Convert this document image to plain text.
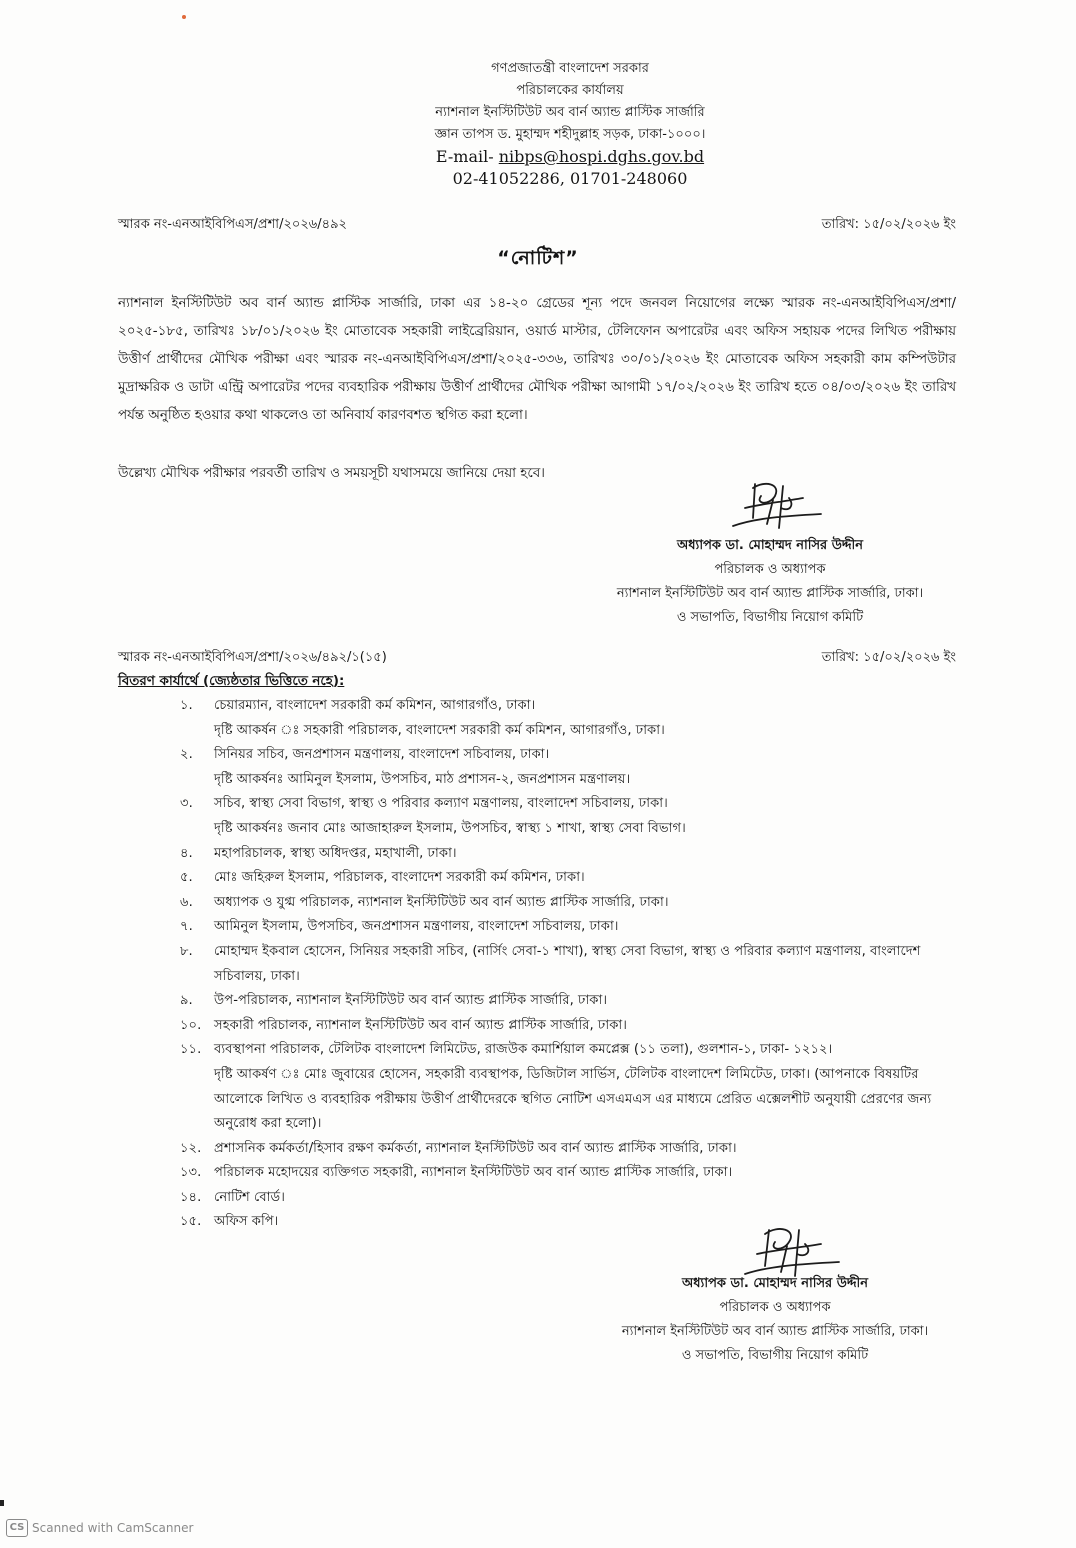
গণপ্রজাতন্ত্রী বাংলাদেশ সরকার
পরিচালকের কার্যালয়
ন্যাশনাল ইনস্টিটিউট অব বার্ন অ্যান্ড প্লাস্টিক সার্জারি
জ্ঞান তাপস ড. মুহাম্মদ শহীদুল্লাহ সড়ক, ঢাকা-১০০০।
E-mail- nibps@hospi.dghs.gov.bd
02-41052286, 01701-248060
স্মারক নং-এনআইবিপিএস/প্রশা/২০২৬/৪৯২	তারিখ: ১৫/০২/২০২৬ ইং
“নোটিশ”

ন্যাশনাল ইনস্টিটিউট অব বার্ন অ্যান্ড প্লাস্টিক সার্জারি, ঢাকা এর ১৪-২০ গ্রেডের শূন্য পদে জনবল নিয়োগের লক্ষ্যে স্মারক নং-এনআইবিপিএস/প্রশা/২০২৫-১৮৫, তারিখঃ ১৮/০১/২০২৬ ইং মোতাবেক সহকারী লাইব্রেরিয়ান, ওয়ার্ড মাস্টার, টেলিফোন অপারেটর এবং অফিস সহায়ক পদের লিখিত পরীক্ষায় উত্তীর্ণ প্রার্থীদের মৌখিক পরীক্ষা এবং স্মারক নং-এনআইবিপিএস/প্রশা/২০২৫-৩৩৬, তারিখঃ ৩০/০১/২০২৬ ইং মোতাবেক অফিস সহকারী কাম কম্পিউটার মুদ্রাক্ষরিক ও ডাটা এন্ট্রি অপারেটর পদের ব্যবহারিক পরীক্ষায় উত্তীর্ণ প্রার্থীদের মৌখিক পরীক্ষা আগামী ১৭/০২/২০২৬ ইং তারিখ হতে ০৪/০৩/২০২৬ ইং তারিখ পর্যন্ত অনুষ্ঠিত হওয়ার কথা থাকলেও তা অনিবার্য কারণবশত স্থগিত করা হলো।

উল্লেখ্য মৌখিক পরীক্ষার পরবর্তী তারিখ ও সময়সূচী যথাসময়ে জানিয়ে দেয়া হবে।
অধ্যাপক ডা. মোহাম্মদ নাসির উদ্দীন
পরিচালক ও অধ্যাপক
ন্যাশনাল ইনস্টিটিউট অব বার্ন অ্যান্ড প্লাস্টিক সার্জারি, ঢাকা।
ও সভাপতি, বিভাগীয় নিয়োগ কমিটি
স্মারক নং-এনআইবিপিএস/প্রশা/২০২৬/৪৯২/১(১৫)	তারিখ: ১৫/০২/২০২৬ ইং
বিতরণ কার্যার্থে (জ্যেষ্ঠতার ভিত্তিতে নহে):
১.	চেয়ারম্যান, বাংলাদেশ সরকারী কর্ম কমিশন, আগারগাঁও, ঢাকা।
দৃষ্টি আকর্ষন ঃ সহকারী পরিচালক, বাংলাদেশ সরকারী কর্ম কমিশন, আগারগাঁও, ঢাকা।
২.	সিনিয়র সচিব, জনপ্রশাসন মন্ত্রণালয়, বাংলাদেশ সচিবালয়, ঢাকা।
দৃষ্টি আকর্ষনঃ আমিনুল ইসলাম, উপসচিব, মাঠ প্রশাসন-২, জনপ্রশাসন মন্ত্রণালয়।
৩.	সচিব, স্বাস্থ্য সেবা বিভাগ, স্বাস্থ্য ও পরিবার কল্যাণ মন্ত্রণালয়, বাংলাদেশ সচিবালয়, ঢাকা।
দৃষ্টি আকর্ষনঃ জনাব মোঃ আজাহারুল ইসলাম, উপসচিব, স্বাস্থ্য ১ শাখা, স্বাস্থ্য সেবা বিভাগ।
৪.	মহাপরিচালক, স্বাস্থ্য অধিদপ্তর, মহাখালী, ঢাকা।
৫.	মোঃ জহিরুল ইসলাম, পরিচালক, বাংলাদেশ সরকারী কর্ম কমিশন, ঢাকা।
৬.	অধ্যাপক ও যুগ্ম পরিচালক, ন্যাশনাল ইনস্টিটিউট অব বার্ন অ্যান্ড প্লাস্টিক সার্জারি, ঢাকা।
৭.	আমিনুল ইসলাম, উপসচিব, জনপ্রশাসন মন্ত্রণালয়, বাংলাদেশ সচিবালয়, ঢাকা।
৮.	মোহাম্মদ ইকবাল হোসেন, সিনিয়র সহকারী সচিব, (নার্সিং সেবা-১ শাখা), স্বাস্থ্য সেবা বিভাগ, স্বাস্থ্য ও পরিবার কল্যাণ মন্ত্রণালয়, বাংলাদেশ সচিবালয়, ঢাকা।
৯.	উপ-পরিচালক, ন্যাশনাল ইনস্টিটিউট অব বার্ন অ্যান্ড প্লাস্টিক সার্জারি, ঢাকা।
১০. সহকারী পরিচালক, ন্যাশনাল ইনস্টিটিউট অব বার্ন অ্যান্ড প্লাস্টিক সার্জারি, ঢাকা।
১১. ব্যবস্থাপনা পরিচালক, টেলিটক বাংলাদেশ লিমিটেড, রাজউক কমার্শিয়াল কমপ্লেক্স (১১ তলা), গুলশান-১, ঢাকা- ১২১২।
দৃষ্টি আকর্ষণ ঃ মোঃ জুবায়ের হোসেন, সহকারী ব্যবস্থাপক, ডিজিটাল সার্ভিস, টেলিটক বাংলাদেশ লিমিটেড, ঢাকা। (আপনাকে বিষয়টির আলোকে লিখিত ও ব্যবহারিক পরীক্ষায় উত্তীর্ণ প্রার্থীদেরকে স্থগিত নোটিশ এসএমএস এর মাধ্যমে প্রেরিত এক্সেলশীট অনুযায়ী প্রেরণের জন্য অনুরোধ করা হলো)।
১২. প্রশাসনিক কর্মকর্তা/হিসাব রক্ষণ কর্মকর্তা, ন্যাশনাল ইনস্টিটিউট অব বার্ন অ্যান্ড প্লাস্টিক সার্জারি, ঢাকা।
১৩. পরিচালক মহোদয়ের ব্যক্তিগত সহকারী, ন্যাশনাল ইনস্টিটিউট অব বার্ন অ্যান্ড প্লাস্টিক সার্জারি, ঢাকা।
১৪. নোটিশ বোর্ড।
১৫. অফিস কপি।
অধ্যাপক ডা. মোহাম্মদ নাসির উদ্দীন
পরিচালক ও অধ্যাপক
ন্যাশনাল ইনস্টিটিউট অব বার্ন অ্যান্ড প্লাস্টিক সার্জারি, ঢাকা।
ও সভাপতি, বিভাগীয় নিয়োগ কমিটি
CS Scanned with CamScanner
